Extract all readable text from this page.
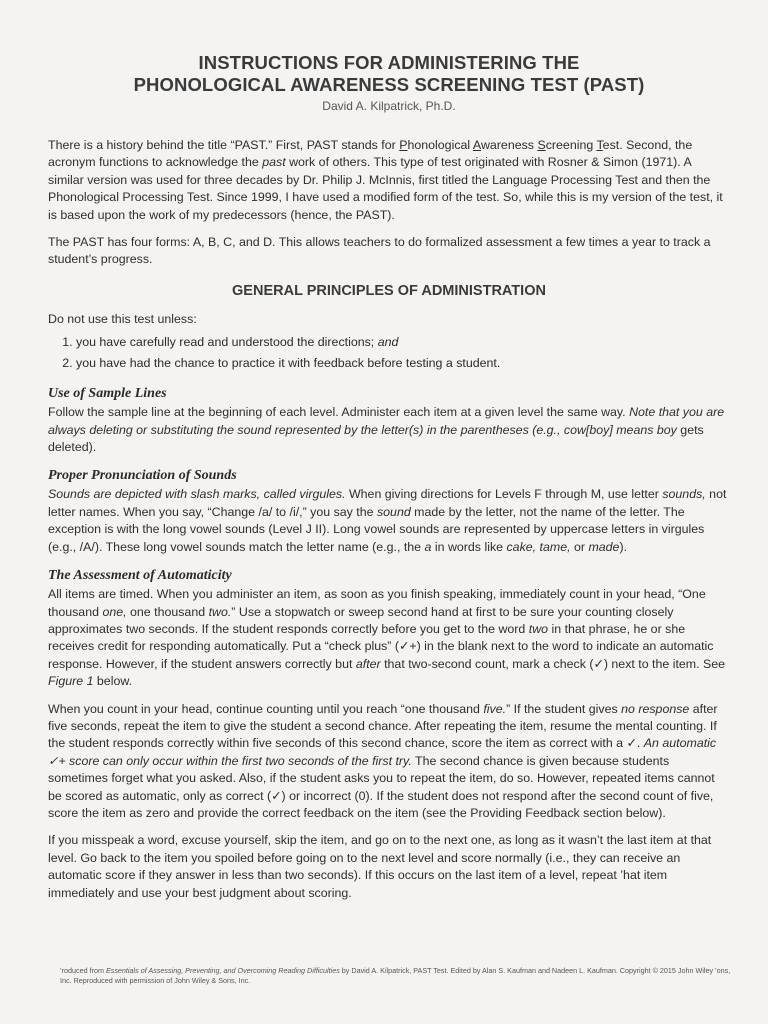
INSTRUCTIONS FOR ADMINISTERING THE
PHONOLOGICAL AWARENESS SCREENING TEST (PAST)
David A. Kilpatrick, Ph.D.

There is a history behind the title “PAST.” First, PAST stands for Phonological Awareness Screening Test. Second, the acronym functions to acknowledge the past work of others. This type of test originated with Rosner & Simon (1971). A similar version was used for three decades by Dr. Philip J. McInnis, first titled the Language Processing Test and then the Phonological Processing Test. Since 1999, I have used a modified form of the test. So, while this is my version of the test, it is based upon the work of my predecessors (hence, the PAST).

The PAST has four forms: A, B, C, and D. This allows teachers to do formalized assessment a few times a year to track a student’s progress.

GENERAL PRINCIPLES OF ADMINISTRATION

Do not use this test unless:

1. you have carefully read and understood the directions; and
2. you have had the chance to practice it with feedback before testing a student.
Use of Sample Lines

Follow the sample line at the beginning of each level. Administer each item at a given level the same way. Note that you are always deleting or substituting the sound represented by the letter(s) in the parentheses (e.g., cow[boy] means boy gets deleted).

Proper Pronunciation of Sounds

Sounds are depicted with slash marks, called virgules. When giving directions for Levels F through M, use letter sounds, not letter names. When you say, “Change /a/ to /i/,” you say the sound made by the letter, not the name of the letter. The exception is with the long vowel sounds (Level J II). Long vowel sounds are represented by uppercase letters in virgules (e.g., /A/). These long vowel sounds match the letter name (e.g., the a in words like cake, tame, or made).

The Assessment of Automaticity

All items are timed. When you administer an item, as soon as you finish speaking, immediately count in your head, “One thousand one, one thousand two.” Use a stopwatch or sweep second hand at first to be sure your counting closely approximates two seconds. If the student responds correctly before you get to the word two in that phrase, he or she receives credit for responding automatically. Put a “check plus” (✓+) in the blank next to the word to indicate an automatic response. However, if the student answers correctly but after that two-second count, mark a check (✓) next to the item. See Figure 1 below.

When you count in your head, continue counting until you reach “one thousand five.” If the student gives no response after five seconds, repeat the item to give the student a second chance. After repeating the item, resume the mental counting. If the student responds correctly within five seconds of this second chance, score the item as correct with a ✓. An automatic ✓+ score can only occur within the first two seconds of the first try. The second chance is given because students sometimes forget what you asked. Also, if the student asks you to repeat the item, do so. However, repeated items cannot be scored as automatic, only as correct (✓) or incorrect (0). If the student does not respond after the second count of five, score the item as zero and provide the correct feedback on the item (see the Providing Feedback section below).

If you misspeak a word, excuse yourself, skip the item, and go on to the next one, as long as it wasn’t the last item at that level. Go back to the item you spoiled before going on to the next level and score normally (i.e., they can receive an automatic score if they answer in less than two seconds). If this occurs on the last item of a level, repeat ’hat item immediately and use your best judgment about scoring.

’roduced from Essentials of Assessing, Preventing, and Overcoming Reading Difficulties by David A. Kilpatrick, PAST Test. Edited by Alan S. Kaufman and Nadeen L. Kaufman. Copyright © 2015 John Wiley ’ons, Inc. Reproduced with permission of John Wiley & Sons, Inc.
